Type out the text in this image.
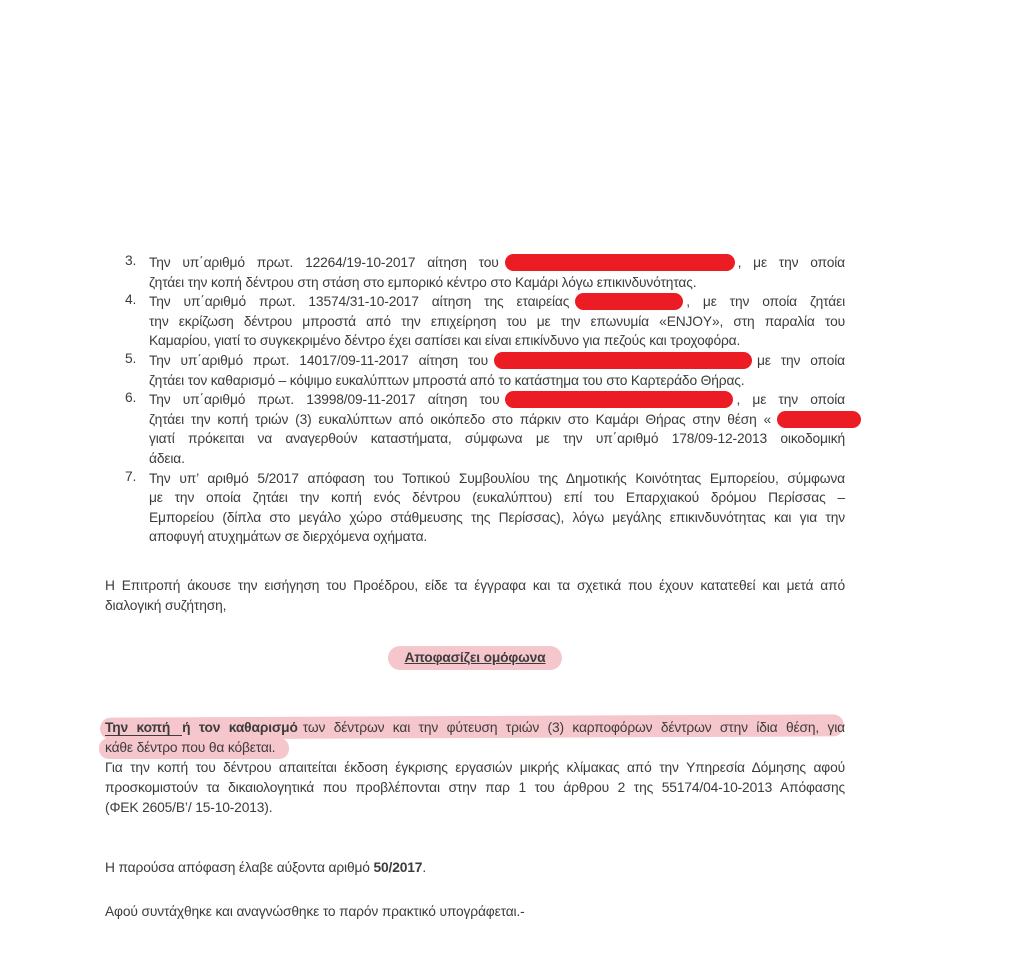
3. Την υπ΄αριθμό πρωτ. 12264/19-10-2017 αίτηση του	, με την οποία
ζητάει την κοπή δέντρου στη στάση στο εμπορικό κέντρο στο Καμάρι λόγω επικινδυνότητας.
4. Την υπ΄αριθμό πρωτ. 13574/31-10-2017 αίτηση της εταιρείας	, με την οποία ζητάει
την εκρίζωση δέντρου μπροστά από την επιχείρηση του με την επωνυμία «ENJOY», στη παραλία του
Καμαρίου, γιατί το συγκεκριμένο δέντρο έχει σαπίσει και είναι επικίνδυνο για πεζούς και τροχοφόρα.
5. Την υπ΄αριθμό πρωτ. 14017/09-11-2017 αίτηση του	με την οποία
ζητάει τον καθαρισμό – κόψιμο ευκαλύπτων μπροστά από το κατάστημα του στο Καρτεράδο Θήρας.
6. Την υπ΄αριθμό πρωτ. 13998/09-11-2017 αίτηση του	, με την οποία
ζητάει την κοπή τριών (3) ευκαλύπτων από οικόπεδο στο πάρκιν στο Καμάρι Θήρας στην θέση «
γιατί πρόκειται να αναγερθούν καταστήματα, σύμφωνα με την υπ΄αριθμό 178/09-12-2013 οικοδομική
άδεια.
7. Την υπ’ αριθμό 5/2017 απόφαση του Τοπικού Συμβουλίου της Δημοτικής Κοινότητας Εμπορείου, σύμφωνα
με την οποία ζητάει την κοπή ενός δέντρου (ευκαλύπτου) επί του Επαρχιακού δρόμου Περίσσας –
Εμπορείου (δίπλα στο μεγάλο χώρο στάθμευσης της Περίσσας), λόγω μεγάλης επικινδυνότητας και για την
αποφυγή ατυχημάτων σε διερχόμενα οχήματα.
Η Επιτροπή άκουσε την εισήγηση του Προέδρου, είδε τα έγγραφα και τα σχετικά που έχουν κατατεθεί και μετά από
διαλογική συζήτηση,
Αποφασίζει ομόφωνα
Την κοπή ή τον καθαρισμό των δέντρων και την φύτευση τριών (3) καρποφόρων δέντρων στην ίδια θέση, για
κάθε δέντρο που θα κόβεται.
Για την κοπή του δέντρου απαιτείται έκδοση έγκρισης εργασιών μικρής κλίμακας από την Υπηρεσία Δόμησης αφού
προσκομιστούν τα δικαιολογητικά που προβλέπονται στην παρ 1 του άρθρου 2 της 55174/04-10-2013 Απόφασης
(ΦΕΚ 2605/Β’/ 15-10-2013).
Η παρούσα απόφαση έλαβε αύξοντα αριθμό 50/2017.
Αφού συντάχθηκε και αναγνώσθηκε το παρόν πρακτικό υπογράφεται.-
